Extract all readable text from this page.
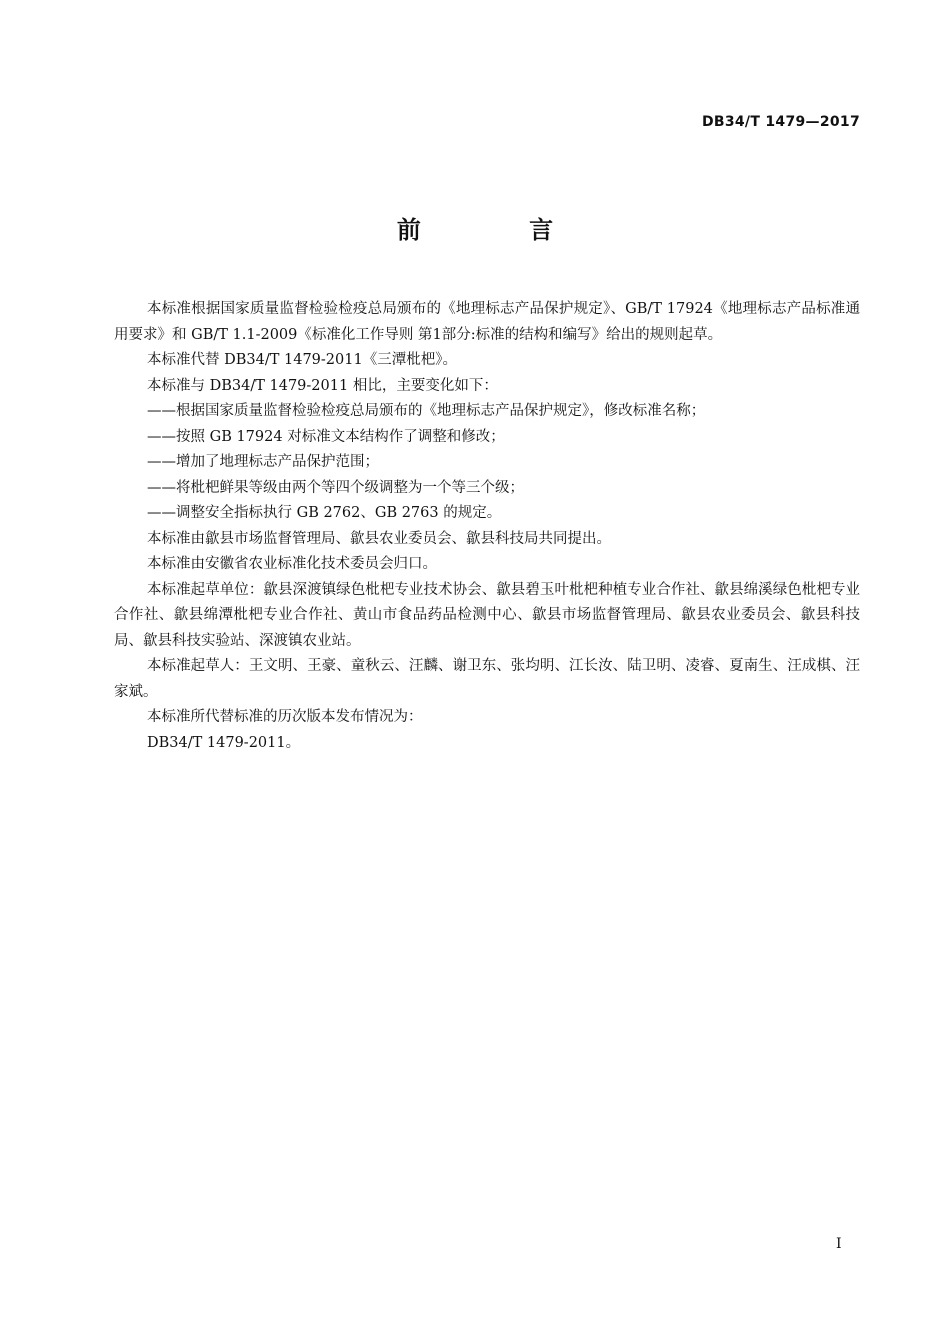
DB34/T 1479—2017
前 言

本标准根据国家质量监督检验检疫总局颁布的《地理标志产品保护规定》、GB/T 17924《地理标志产品标准通用要求》和 GB/T 1.1-2009《标准化工作导则 第1部分:标准的结构和编写》给出的规则起草。

本标准代替 DB34/T 1479-2011《三潭枇杷》。

本标准与 DB34/T 1479-2011 相比，主要变化如下：

——根据国家质量监督检验检疫总局颁布的《地理标志产品保护规定》，修改标准名称；

——按照 GB 17924 对标准文本结构作了调整和修改；

——增加了地理标志产品保护范围；

——将枇杷鲜果等级由两个等四个级调整为一个等三个级；

——调整安全指标执行 GB 2762、GB 2763 的规定。

本标准由歙县市场监督管理局、歙县农业委员会、歙县科技局共同提出。

本标准由安徽省农业标准化技术委员会归口。

本标准起草单位：歙县深渡镇绿色枇杷专业技术协会、歙县碧玉叶枇杷种植专业合作社、歙县绵溪绿色枇杷专业合作社、歙县绵潭枇杷专业合作社、黄山市食品药品检测中心、歙县市场监督管理局、歙县农业委员会、歙县科技局、歙县科技实验站、深渡镇农业站。

本标准起草人：王文明、王豪、童秋云、汪麟、谢卫东、张均明、江长汝、陆卫明、凌睿、夏南生、汪成棋、汪家斌。

本标准所代替标准的历次版本发布情况为：

DB34/T 1479-2011。

I
